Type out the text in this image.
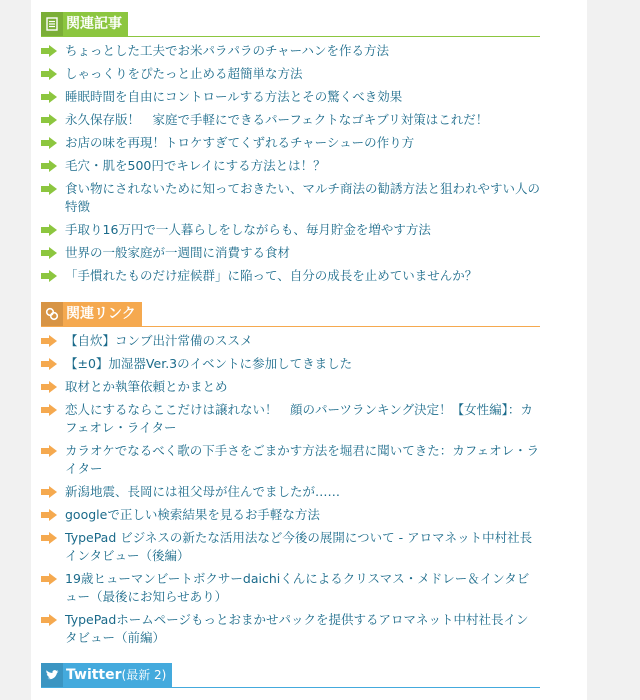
関連記事
ちょっとした工夫でお米パラパラのチャーハンを作る方法
しゃっくりをぴたっと止める超簡単な方法
睡眠時間を自由にコントロールする方法とその驚くべき効果
永久保存版！　家庭で手軽にできるパーフェクトなゴキブリ対策はこれだ！
お店の味を再現！トロケすぎてくずれるチャーシューの作り方
毛穴・肌を500円でキレイにする方法とは！？
食い物にされないために知っておきたい、マルチ商法の勧誘方法と狙われやすい人の特徴
手取り16万円で一人暮らしをしながらも、毎月貯金を増やす方法
世界の一般家庭が一週間に消費する食材
「手慣れたものだけ症候群」に陥って、自分の成長を止めていませんか？
関連リンク
【自炊】コンブ出汁常備のススメ
【±0】加湿器Ver.3のイベントに参加してきました
取材とか執筆依頼とかまとめ
恋人にするならここだけは譲れない！　顔のパーツランキング決定！【女性編】：カフェオレ・ライター
カラオケでなるべく歌の下手さをごまかす方法を堀君に聞いてきた：カフェオレ・ライター
新潟地震、長岡には祖父母が住んでましたが……
googleで正しい検索結果を見るお手軽な方法
TypePad ビジネスの新たな活用法など今後の展開について - アロマネット中村社長インタビュー（後編）
19歳ヒューマンビートボクサーdaichiくんによるクリスマス・メドレー＆インタビュー（最後にお知らせあり）
TypePadホームページもっとおまかせパックを提供するアロマネット中村社長インタビュー（前編）
Twitter (最新 2)
